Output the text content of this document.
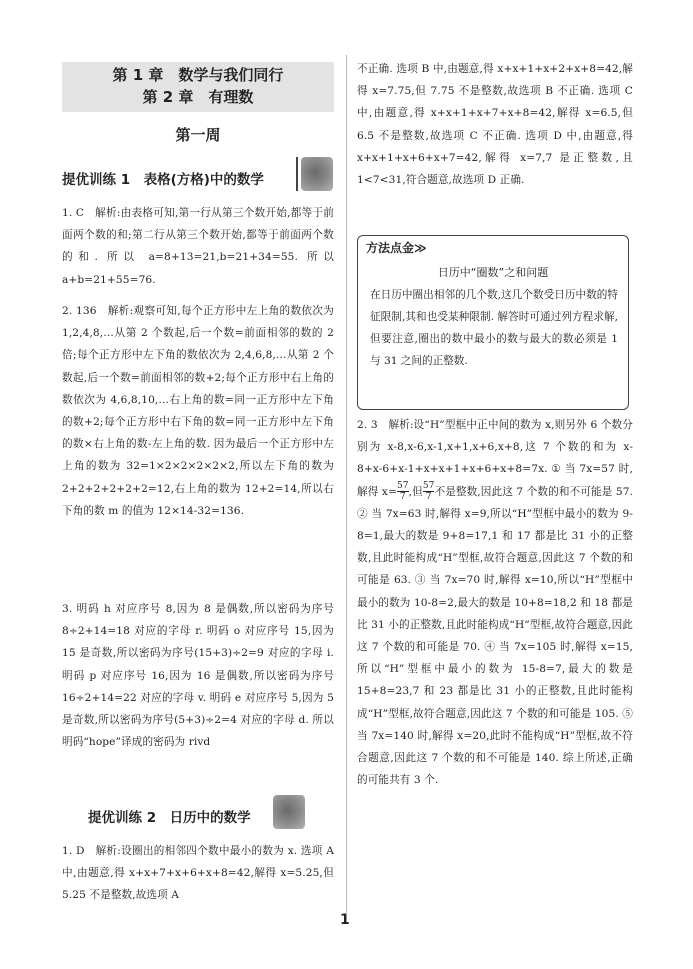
第 1 章　数学与我们同行
第 2 章　有理数
第一周
提优训练 1　表格(方格)中的数学
1. C　解析:由表格可知,第一行从第三个数开始,都等于前面两个数的和;第二行从第三个数开始,都等于前面两个数的和. 所以 a=8+13=21,b=21+34=55. 所以 a+b=21+55=76.
2. 136　解析:观察可知,每个正方形中左上角的数依次为 1,2,4,8,…从第 2 个数起,后一个数=前面相邻的数的 2 倍;每个正方形中左下角的数依次为 2,4,6,8,…从第 2 个数起,后一个数=前面相邻的数+2;每个正方形中右上角的数依次为 4,6,8,10,…右上角的数=同一正方形中左下角的数+2;每个正方形中右下角的数=同一正方形中左下角的数×右上角的数-左上角的数. 因为最后一个正方形中左上角的数为 32=1×2×2×2×2×2,所以左下角的数为 2+2+2+2+2+2=12,右上角的数为 12+2=14,所以右下角的数 m 的值为 12×14-32=136.
3. 明码 h 对应序号 8,因为 8 是偶数,所以密码为序号 8÷2+14=18 对应的字母 r. 明码 o 对应序号 15,因为 15 是奇数,所以密码为序号(15+3)÷2=9 对应的字母 i. 明码 p 对应序号 16,因为 16 是偶数,所以密码为序号 16÷2+14=22 对应的字母 v. 明码 e 对应序号 5,因为 5 是奇数,所以密码为序号(5+3)÷2=4 对应的字母 d. 所以明码“hope”译成的密码为 rivd
提优训练 2　日历中的数学
1. D　解析:设圈出的相邻四个数中最小的数为 x. 选项 A 中,由题意,得 x+x+7+x+6+x+8=42,解得 x=5.25,但 5.25 不是整数,故选项 A
不正确. 选项 B 中,由题意,得 x+x+1+x+2+x+8=42,解得 x=7.75,但 7.75 不是整数,故选项 B 不正确. 选项 C 中,由题意,得 x+x+1+x+7+x+8=42,解得 x=6.5,但 6.5 不是整数,故选项 C 不正确. 选项 D 中,由题意,得 x+x+1+x+6+x+7=42,解得 x=7,7 是正整数,且 1<7<31,符合题意,故选项 D 正确.
方法点金≫
日历中“圈数”之和问题
在日历中圈出相邻的几个数,这几个数受日历中数的特征限制,其和也受某种限制. 解答时可通过列方程求解,但要注意,圈出的数中最小的数与最大的数必须是 1 与 31 之间的正整数.
2. 3　解析:设“H”型框中正中间的数为 x,则另外 6 个数分别为 x-8,x-6,x-1,x+1,x+6,x+8,这 7 个数的和为 x-8+x-6+x-1+x+x+1+x+6+x+8=7x. ① 当 7x=57 时,解得 $x= \frac{57}{7}$ ,但 $\frac{57}{7}$ 不是整数,因此这 7 个数的和不可能是 57. ② 当 7x=63 时,解得 x=9,所以“H”型框中最小的数为 9-8=1,最大的数是 9+8=17,1 和 17 都是比 31 小的正整数,且此时能构成“H”型框,故符合题意,因此这 7 个数的和可能是 63. ③ 当 7x=70 时,解得 x=10,所以“H”型框中最小的数为 10-8=2,最大的数是 10+8=18,2 和 18 都是比 31 小的正整数,且此时能构成“H”型框,故符合题意,因此这 7 个数的和可能是 70. ④ 当 7x=105 时,解得 x=15,所以“H”型框中最小的数为 15-8=7,最大的数是 15+8=23,7 和 23 都是比 31 小的正整数,且此时能构成“H”型框,故符合题意,因此这 7 个数的和可能是 105. ⑤ 当 7x=140 时,解得 x=20,此时不能构成“H”型框,故不符合题意,因此这 7 个数的和不可能是 140. 综上所述,正确的可能共有 3 个.
1
